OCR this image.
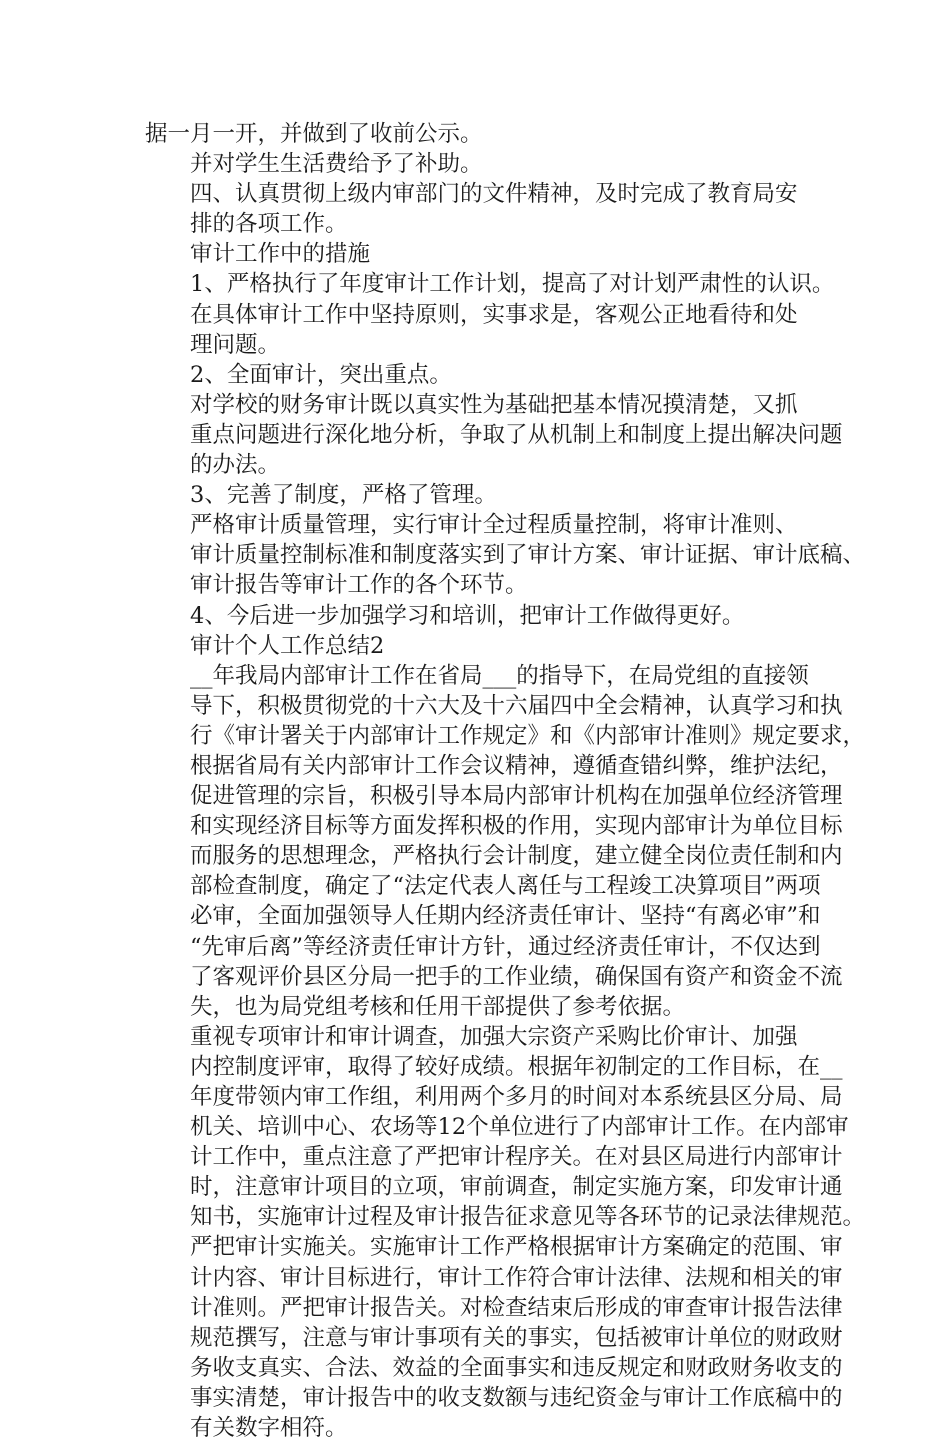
据一月一开，并做到了收前公示。
并对学生生活费给予了补助。
四、认真贯彻上级内审部门的文件精神，及时完成了教育局安
排的各项工作。
审计工作中的措施
1、严格执行了年度审计工作计划，提高了对计划严肃性的认识。
在具体审计工作中坚持原则，实事求是，客观公正地看待和处
理问题。
2、全面审计，突出重点。
对学校的财务审计既以真实性为基础把基本情况摸清楚，又抓
重点问题进行深化地分析，争取了从机制上和制度上提出解决问题
的办法。
3、完善了制度，严格了管理。
严格审计质量管理，实行审计全过程质量控制，将审计准则、
审计质量控制标准和制度落实到了审计方案、审计证据、审计底稿、
审计报告等审计工作的各个环节。
4、今后进一步加强学习和培训，把审计工作做得更好。
审计个人工作总结2
__年我局内部审计工作在省局___的指导下，在局党组的直接领
导下，积极贯彻党的十六大及十六届四中全会精神，认真学习和执
行《审计署关于内部审计工作规定》和《内部审计准则》规定要求，
根据省局有关内部审计工作会议精神，遵循查错纠弊，维护法纪，
促进管理的宗旨，积极引导本局内部审计机构在加强单位经济管理
和实现经济目标等方面发挥积极的作用，实现内部审计为单位目标
而服务的思想理念，严格执行会计制度，建立健全岗位责任制和内
部检查制度，确定了“法定代表人离任与工程竣工决算项目”两项
必审，全面加强领导人任期内经济责任审计、坚持“有离必审”和
“先审后离”等经济责任审计方针，通过经济责任审计，不仅达到
了客观评价县区分局一把手的工作业绩，确保国有资产和资金不流
失，也为局党组考核和任用干部提供了参考依据。
重视专项审计和审计调查，加强大宗资产采购比价审计、加强
内控制度评审，取得了较好成绩。根据年初制定的工作目标，在__
年度带领内审工作组，利用两个多月的时间对本系统县区分局、局
机关、培训中心、农场等12个单位进行了内部审计工作。在内部审
计工作中，重点注意了严把审计程序关。在对县区局进行内部审计
时，注意审计项目的立项，审前调查，制定实施方案，印发审计通
知书，实施审计过程及审计报告征求意见等各环节的记录法律规范。
严把审计实施关。实施审计工作严格根据审计方案确定的范围、审
计内容、审计目标进行，审计工作符合审计法律、法规和相关的审
计准则。严把审计报告关。对检查结束后形成的审查审计报告法律
规范撰写，注意与审计事项有关的事实，包括被审计单位的财政财
务收支真实、合法、效益的全面事实和违反规定和财政财务收支的
事实清楚，审计报告中的收支数额与违纪资金与审计工作底稿中的
有关数字相符。
